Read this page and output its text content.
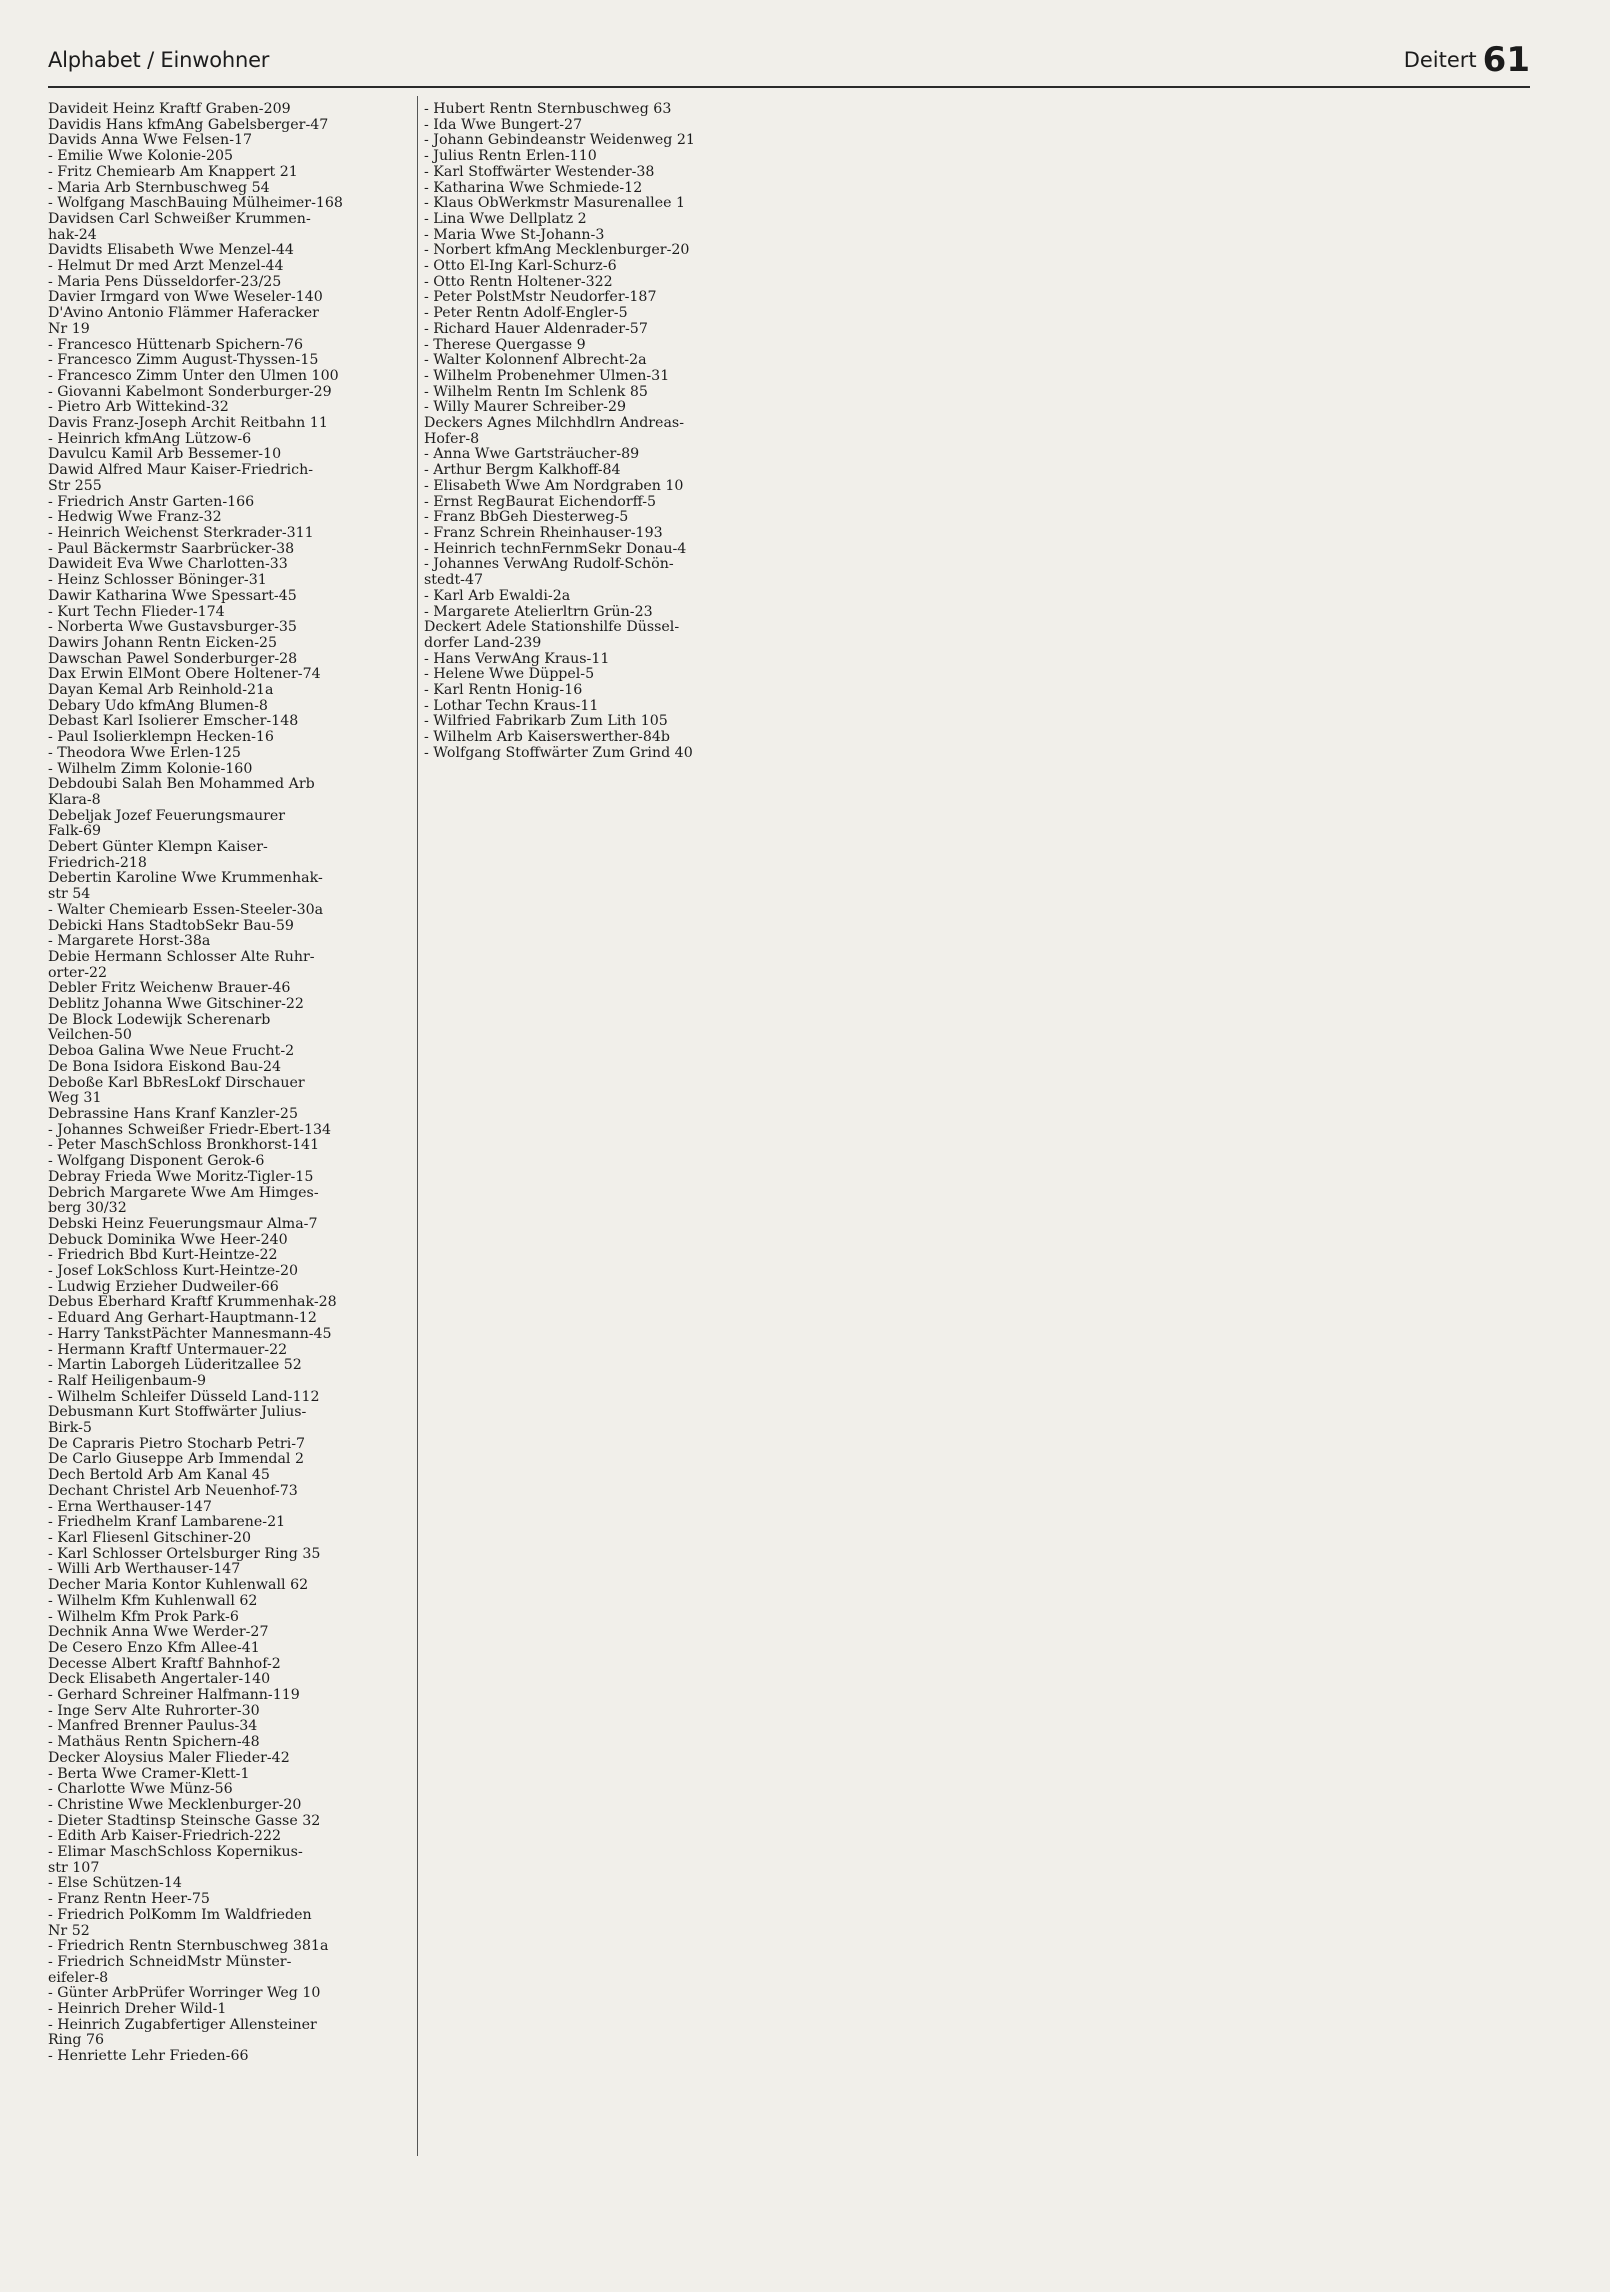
Alphabet / Einwohner	Deitert 61
Davideit Heinz Kraftf Graben-209
Davidis Hans kfmAng Gabelsberger-47
Davids Anna Wwe Felsen-17
- Emilie Wwe Kolonie-205
- Fritz Chemiearb Am Knappert 21
- Maria Arb Sternbuschweg 54
- Wolfgang MaschBauing Mülheimer-168
Davidsen Carl Schweißer Krummen-
hak-24
Davidts Elisabeth Wwe Menzel-44
- Helmut Dr med Arzt Menzel-44
- Maria Pens Düsseldorfer-23/25
Davier Irmgard von Wwe Weseler-140
D'Avino Antonio Flämmer Haferacker
Nr 19
- Francesco Hüttenarb Spichern-76
- Francesco Zimm August-Thyssen-15
- Francesco Zimm Unter den Ulmen 100
- Giovanni Kabelmont Sonderburger-29
- Pietro Arb Wittekind-32
Davis Franz-Joseph Archit Reitbahn 11
- Heinrich kfmAng Lützow-6
Davulcu Kamil Arb Bessemer-10
Dawid Alfred Maur Kaiser-Friedrich-
Str 255
- Friedrich Anstr Garten-166
- Hedwig Wwe Franz-32
- Heinrich Weichenst Sterkrader-311
- Paul Bäckermstr Saarbrücker-38
Dawideit Eva Wwe Charlotten-33
- Heinz Schlosser Böninger-31
Dawir Katharina Wwe Spessart-45
- Kurt Techn Flieder-174
- Norberta Wwe Gustavsburger-35
Dawirs Johann Rentn Eicken-25
Dawschan Pawel Sonderburger-28
Dax Erwin ElMont Obere Holtener-74
Dayan Kemal Arb Reinhold-21a
Debary Udo kfmAng Blumen-8
Debast Karl Isolierer Emscher-148
- Paul Isolierklempn Hecken-16
- Theodora Wwe Erlen-125
- Wilhelm Zimm Kolonie-160
Debdoubi Salah Ben Mohammed Arb
Klara-8
Debeljak Jozef Feuerungsmaurer
Falk-69
Debert Günter Klempn Kaiser-
Friedrich-218
Debertin Karoline Wwe Krummenhak-
str 54
- Walter Chemiearb Essen-Steeler-30a
Debicki Hans StadtobSekr Bau-59
- Margarete Horst-38a
Debie Hermann Schlosser Alte Ruhr-
orter-22
Debler Fritz Weichenw Brauer-46
Deblitz Johanna Wwe Gitschiner-22
De Block Lodewijk Scherenarb
Veilchen-50
Deboa Galina Wwe Neue Frucht-2
De Bona Isidora Eiskond Bau-24
Deboße Karl BbResLokf Dirschauer
Weg 31
Debrassine Hans Kranf Kanzler-25
- Johannes Schweißer Friedr-Ebert-134
- Peter MaschSchloss Bronkhorst-141
- Wolfgang Disponent Gerok-6
Debray Frieda Wwe Moritz-Tigler-15
Debrich Margarete Wwe Am Himges-
berg 30/32
Debski Heinz Feuerungsmaur Alma-7
Debuck Dominika Wwe Heer-240
- Friedrich Bbd Kurt-Heintze-22
- Josef LokSchloss Kurt-Heintze-20
- Ludwig Erzieher Dudweiler-66
Debus Eberhard Kraftf Krummenhak-28
- Eduard Ang Gerhart-Hauptmann-12
- Harry TankstPächter Mannesmann-45
- Hermann Kraftf Untermauer-22
- Martin Laborgeh Lüderitzallee 52
- Ralf Heiligenbaum-9
- Wilhelm Schleifer Düsseld Land-112
Debusmann Kurt Stoffwärter Julius-
Birk-5
De Capraris Pietro Stocharb Petri-7
De Carlo Giuseppe Arb Immendal 2
Dech Bertold Arb Am Kanal 45
Dechant Christel Arb Neuenhof-73
- Erna Werthauser-147
- Friedhelm Kranf Lambarene-21
- Karl Fliesenl Gitschiner-20
- Karl Schlosser Ortelsburger Ring 35
- Willi Arb Werthauser-147
Decher Maria Kontor Kuhlenwall 62
- Wilhelm Kfm Kuhlenwall 62
- Wilhelm Kfm Prok Park-6
Dechnik Anna Wwe Werder-27
De Cesero Enzo Kfm Allee-41
Decesse Albert Kraftf Bahnhof-2
Deck Elisabeth Angertaler-140
- Gerhard Schreiner Halfmann-119
- Inge Serv Alte Ruhrorter-30
- Manfred Brenner Paulus-34
- Mathäus Rentn Spichern-48
Decker Aloysius Maler Flieder-42
- Berta Wwe Cramer-Klett-1
- Charlotte Wwe Münz-56
- Christine Wwe Mecklenburger-20
- Dieter Stadtinsp Steinsche Gasse 32
- Edith Arb Kaiser-Friedrich-222
- Elimar MaschSchloss Kopernikus-
str 107
- Else Schützen-14
- Franz Rentn Heer-75
- Friedrich PolKomm Im Waldfrieden
Nr 52
- Friedrich Rentn Sternbuschweg 381a
- Friedrich SchneidMstr Münster-
eifeler-8
- Günter ArbPrüfer Worringer Weg 10
- Heinrich Dreher Wild-1
- Heinrich Zugabfertiger Allensteiner
Ring 76
- Henriette Lehr Frieden-66
- Hubert Rentn Sternbuschweg 63
- Ida Wwe Bungert-27
- Johann Gebindeanstr Weidenweg 21
- Julius Rentn Erlen-110
- Karl Stoffwärter Westender-38
- Katharina Wwe Schmiede-12
- Klaus ObWerkmstr Masurenallee 1
- Lina Wwe Dellplatz 2
- Maria Wwe St-Johann-3
- Norbert kfmAng Mecklenburger-20
- Otto El-Ing Karl-Schurz-6
- Otto Rentn Holtener-322
- Peter PolstMstr Neudorfer-187
- Peter Rentn Adolf-Engler-5
- Richard Hauer Aldenrader-57
- Therese Quergasse 9
- Walter Kolonnenf Albrecht-2a
- Wilhelm Probenehmer Ulmen-31
- Wilhelm Rentn Im Schlenk 85
- Willy Maurer Schreiber-29
Deckers Agnes Milchhdlrn Andreas-
Hofer-8
- Anna Wwe Gartsträucher-89
- Arthur Bergm Kalkhoff-84
- Elisabeth Wwe Am Nordgraben 10
- Ernst RegBaurat Eichendorff-5
- Franz BbGeh Diesterweg-5
- Franz Schrein Rheinhauser-193
- Heinrich technFernmSekr Donau-4
- Johannes VerwAng Rudolf-Schön-
stedt-47
- Karl Arb Ewaldi-2a
- Margarete Atelierltrn Grün-23
Deckert Adele Stationshilfe Düssel-
dorfer Land-239
- Hans VerwAng Kraus-11
- Helene Wwe Düppel-5
- Karl Rentn Honig-16
- Lothar Techn Kraus-11
- Wilfried Fabrikarb Zum Lith 105
- Wilhelm Arb Kaiserswerther-84b
- Wolfgang Stoffwärter Zum Grind 40
